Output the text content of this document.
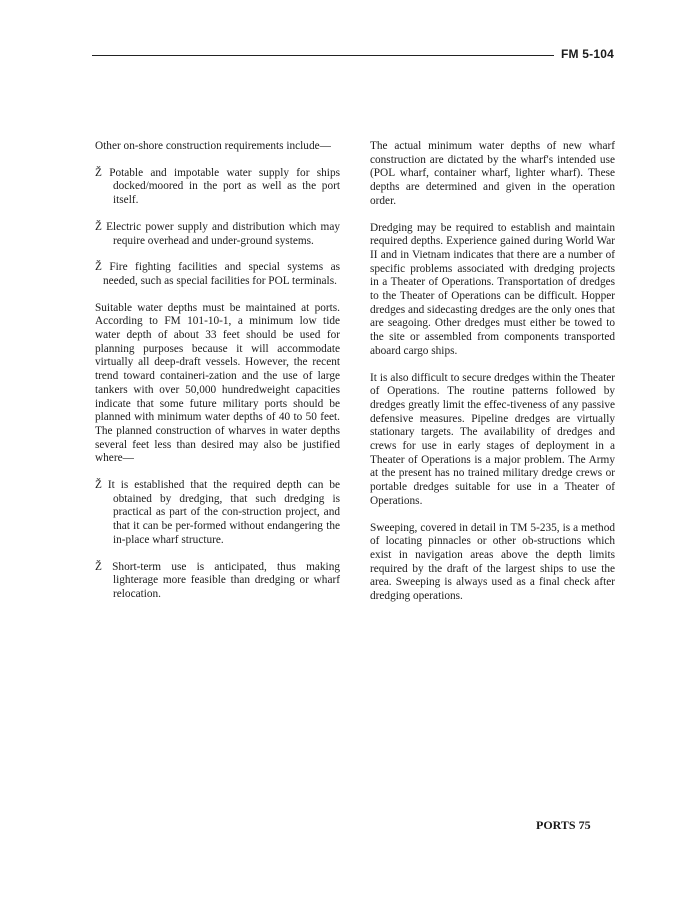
FM 5-104

Other on-shore construction requirements include—

Ž Potable and impotable water supply for ships docked/moored in the port as well as the port itself.
Ž Electric power supply and distribution which may require overhead and under-ground systems.
Ž Fire fighting facilities and special systems as needed, such as special facilities for POL terminals.

Suitable water depths must be maintained at ports. According to FM 101-10-1, a minimum low tide water depth of about 33 feet should be used for planning purposes because it will accommodate virtually all deep-draft vessels. However, the recent trend toward containeri-zation and the use of large tankers with over 50,000 hundredweight capacities indicate that some future military ports should be planned with minimum water depths of 40 to 50 feet. The planned construction of wharves in water depths several feet less than desired may also be justified where—

Ž It is established that the required depth can be obtained by dredging, that such dredging is practical as part of the con-struction project, and that it can be per-formed without endangering the in-place wharf structure.
Ž Short-term use is anticipated, thus making lighterage more feasible than dredging or wharf relocation.

The actual minimum water depths of new wharf construction are dictated by the wharf's intended use (POL wharf, container wharf, lighter wharf). These depths are determined and given in the operation order.

Dredging may be required to establish and maintain required depths. Experience gained during World War II and in Vietnam indicates that there are a number of specific problems associated with dredging projects in a Theater of Operations. Transportation of dredges to the Theater of Operations can be difficult. Hopper dredges and sidecasting dredges are the only ones that are seagoing. Other dredges must either be towed to the site or assembled from components transported aboard cargo ships.

It is also difficult to secure dredges within the Theater of Operations. The routine patterns followed by dredges greatly limit the effec-tiveness of any passive defensive measures. Pipeline dredges are virtually stationary targets. The availability of dredges and crews for use in early stages of deployment in a Theater of Operations is a major problem. The Army at the present has no trained military dredge crews or portable dredges suitable for use in a Theater of Operations.

Sweeping, covered in detail in TM 5-235, is a method of locating pinnacles or other ob-structions which exist in navigation areas above the depth limits required by the draft of the largest ships to use the area. Sweeping is always used as a final check after dredging operations.

PORTS 75
